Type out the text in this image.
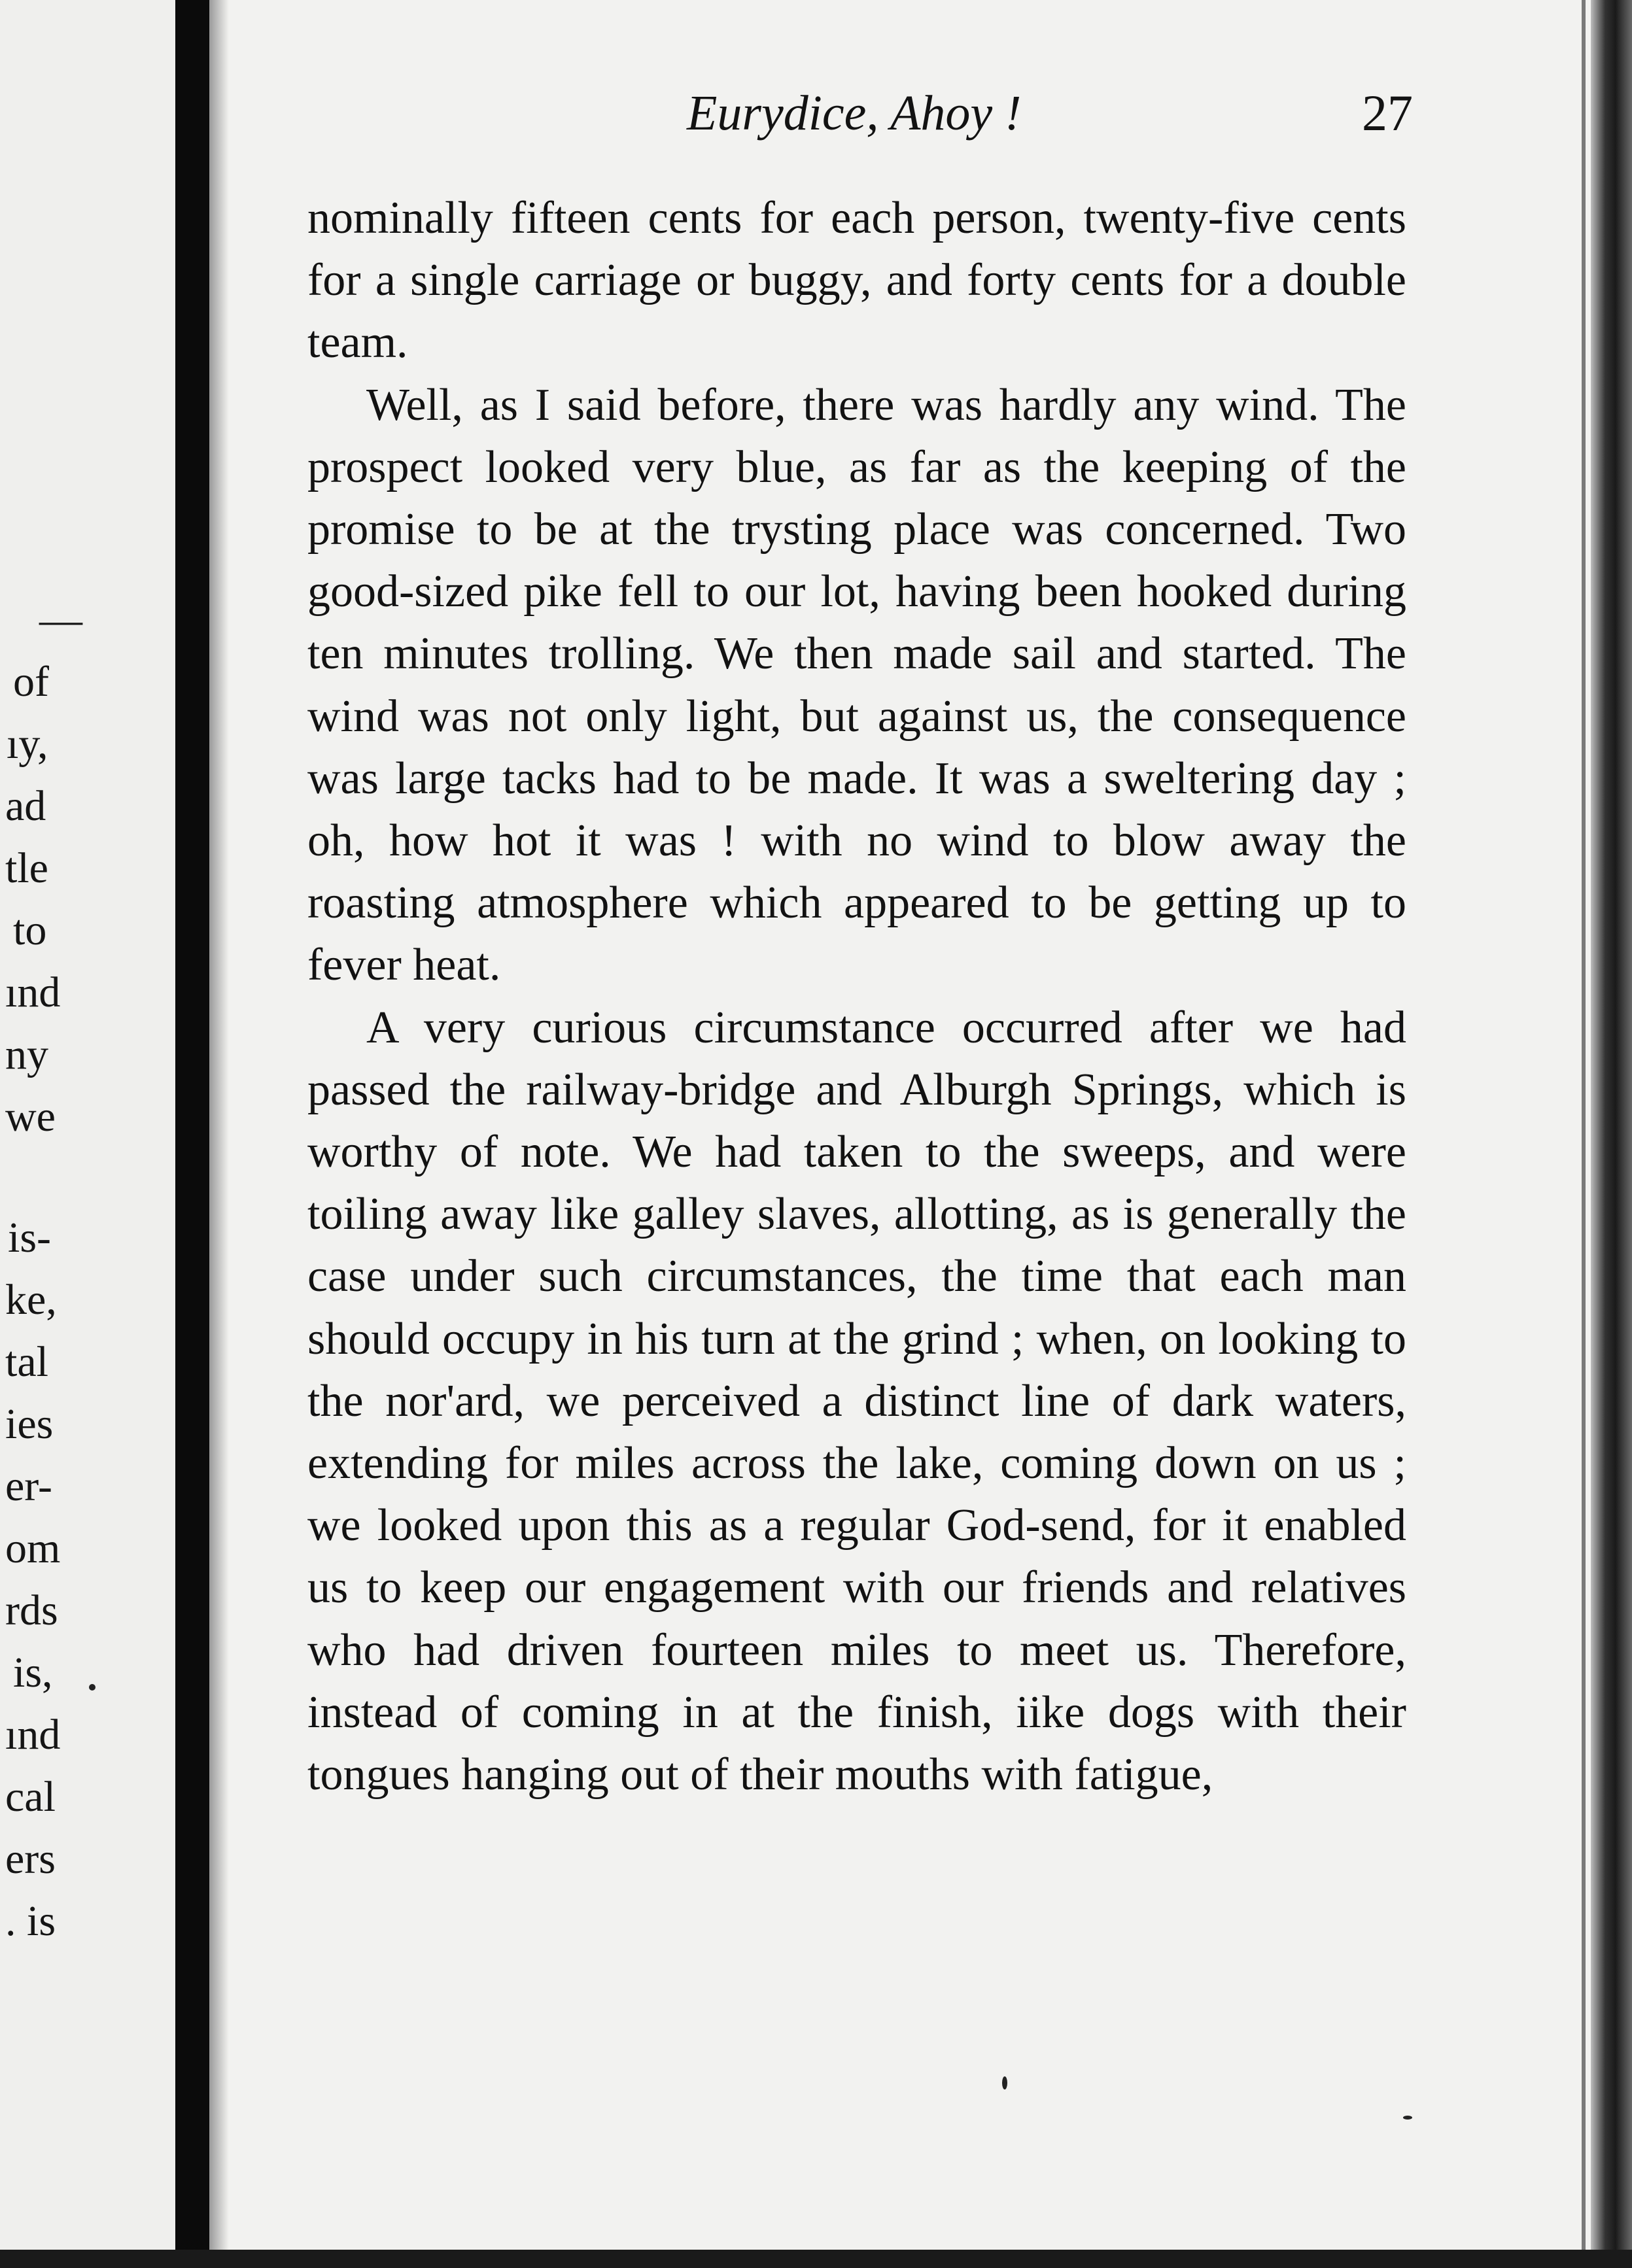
—
of
ıy,
ad
tle
to
ınd
ny
we
is-
ke,
tal
ies
er-
om
rds
is,
ınd
cal
ers
. is
Eurydice, Ahoy !	27

nominally fifteen cents for each person, twenty-five cents for a single carriage or buggy, and forty cents for a double team.

Well, as I said before, there was hardly any wind. The prospect looked very blue, as far as the keeping of the promise to be at the trysting place was concerned. Two good-sized pike fell to our lot, having been hooked during ten minutes trolling. We then made sail and started. The wind was not only light, but against us, the consequence was large tacks had to be made. It was a sweltering day ; oh, how hot it was ! with no wind to blow away the roasting atmosphere which appeared to be getting up to fever heat.

A very curious circumstance occurred after we had passed the railway-bridge and Alburgh Springs, which is worthy of note. We had taken to the sweeps, and were toiling away like galley slaves, allotting, as is generally the case under such circumstances, the time that each man should occupy in his turn at the grind ; when, on looking to the nor'ard, we perceived a distinct line of dark waters, extending for miles across the lake, coming down on us ; we looked upon this as a regular God-send, for it enabled us to keep our engagement with our friends and relatives who had driven fourteen miles to meet us. Therefore, instead of coming in at the finish, iike dogs with their tongues hanging out of their mouths with fatigue,
